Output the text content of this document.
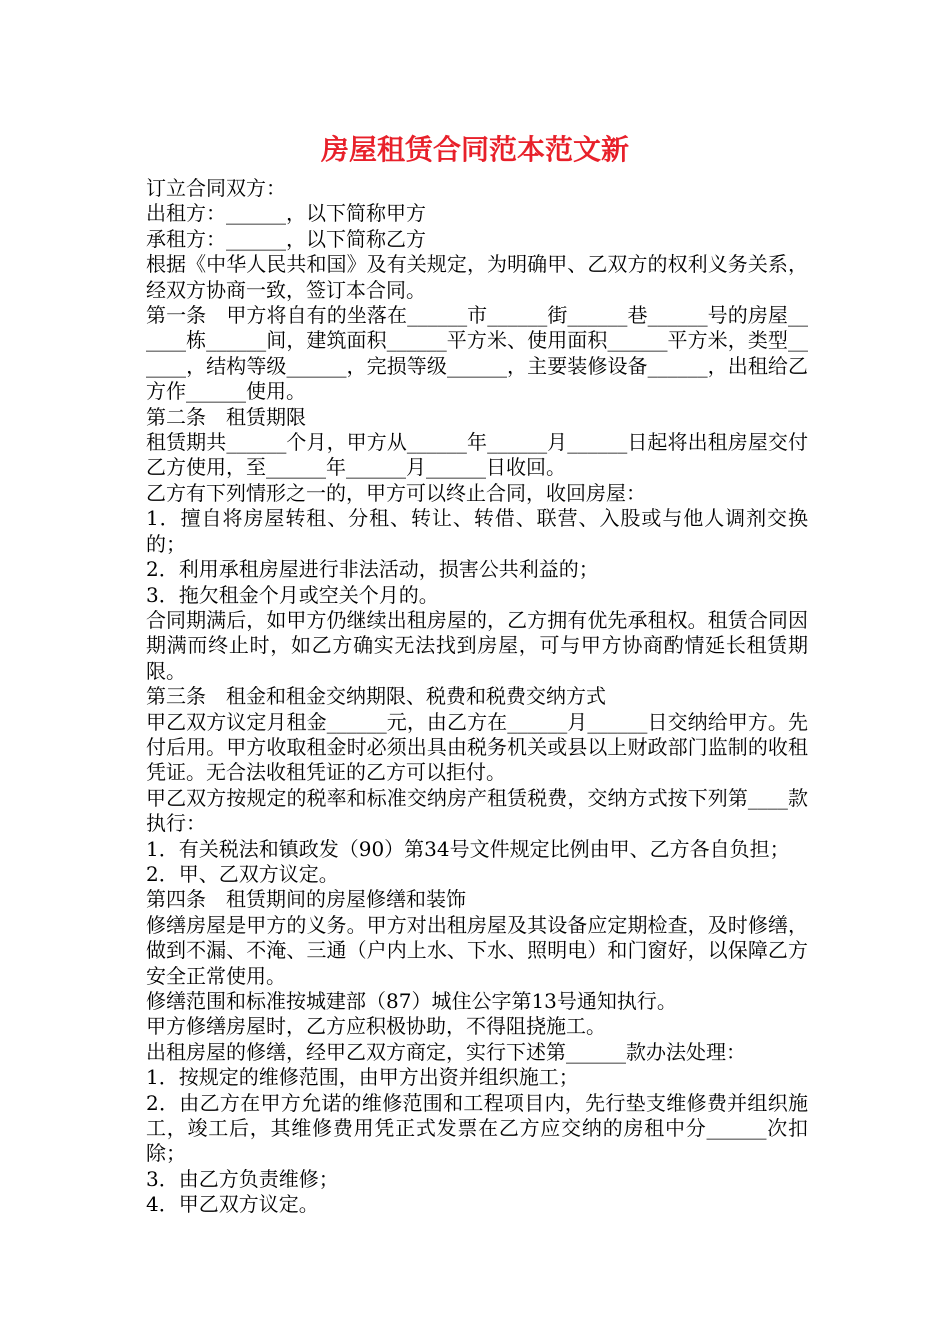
房屋租赁合同范本范文新

订立合同双方：

出租方：______，以下简称甲方

承租方：______，以下简称乙方

根据《中华人民共和国》及有关规定，为明确甲、乙双方的权利义务关系，经双方协商一致，签订本合同。

第一条　甲方将自有的坐落在______市______街______巷______号的房屋______栋______间，建筑面积______平方米、使用面积______平方米，类型______，结构等级______，完损等级______，主要装修设备______，出租给乙方作______使用。

第二条　租赁期限

租赁期共______个月，甲方从______年______月______日起将出租房屋交付乙方使用，至______年______月______日收回。

乙方有下列情形之一的，甲方可以终止合同，收回房屋：

1．擅自将房屋转租、分租、转让、转借、联营、入股或与他人调剂交换的；

2．利用承租房屋进行非法活动，损害公共利益的；

3．拖欠租金个月或空关个月的。

合同期满后，如甲方仍继续出租房屋的，乙方拥有优先承租权。租赁合同因期满而终止时，如乙方确实无法找到房屋，可与甲方协商酌情延长租赁期限。

第三条　租金和租金交纳期限、税费和税费交纳方式

甲乙双方议定月租金______元，由乙方在______月______日交纳给甲方。先付后用。甲方收取租金时必须出具由税务机关或县以上财政部门监制的收租凭证。无合法收租凭证的乙方可以拒付。

甲乙双方按规定的税率和标准交纳房产租赁税费，交纳方式按下列第____款执行：

1．有关税法和镇政发（90）第34号文件规定比例由甲、乙方各自负担；

2．甲、乙双方议定。

第四条　租赁期间的房屋修缮和装饰

修缮房屋是甲方的义务。甲方对出租房屋及其设备应定期检查，及时修缮，做到不漏、不淹、三通（户内上水、下水、照明电）和门窗好，以保障乙方安全正常使用。

修缮范围和标准按城建部（87）城住公字第13号通知执行。

甲方修缮房屋时，乙方应积极协助，不得阻挠施工。

出租房屋的修缮，经甲乙双方商定，实行下述第______款办法处理：

1．按规定的维修范围，由甲方出资并组织施工；

2．由乙方在甲方允诺的维修范围和工程项目内，先行垫支维修费并组织施工，竣工后，其维修费用凭正式发票在乙方应交纳的房租中分______次扣除；

3．由乙方负责维修；

4．甲乙双方议定。
